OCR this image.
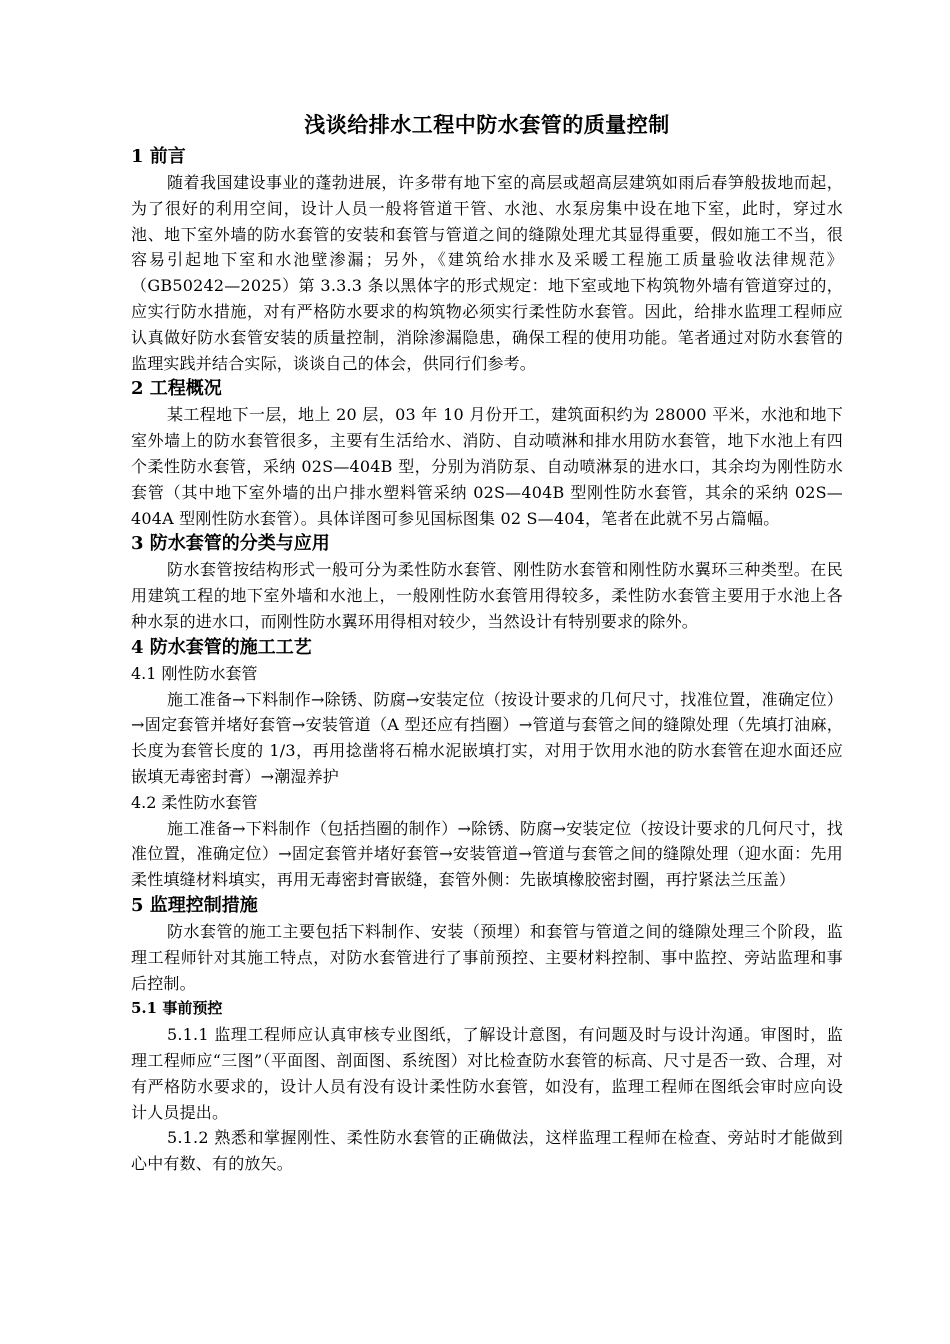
浅谈给排水工程中防水套管的质量控制
1 前言

随着我国建设事业的蓬勃进展，许多带有地下室的高层或超高层建筑如雨后春笋般拔地而起，为了很好的利用空间，设计人员一般将管道干管、水池、水泵房集中设在地下室，此时，穿过水池、地下室外墙的防水套管的安装和套管与管道之间的缝隙处理尤其显得重要，假如施工不当，很容易引起地下室和水池壁渗漏；另外，《建筑给水排水及采暖工程施工质量验收法律规范》（GB50242—2025）第 3.3.3 条以黑体字的形式规定：地下室或地下构筑物外墙有管道穿过的，应实行防水措施，对有严格防水要求的构筑物必须实行柔性防水套管。因此，给排水监理工程师应认真做好防水套管安装的质量控制，消除渗漏隐患，确保工程的使用功能。笔者通过对防水套管的监理实践并结合实际，谈谈自己的体会，供同行们参考。

2 工程概况

某工程地下一层，地上 20 层，03 年 10 月份开工，建筑面积约为 28000 平米，水池和地下室外墙上的防水套管很多，主要有生活给水、消防、自动喷淋和排水用防水套管，地下水池上有四个柔性防水套管，采纳 02S—404B 型，分别为消防泵、自动喷淋泵的进水口，其余均为刚性防水套管（其中地下室外墙的出户排水塑料管采纳 02S—404B 型刚性防水套管，其余的采纳 02S—404A 型刚性防水套管）。具体详图可参见国标图集 02 S—404，笔者在此就不另占篇幅。

3 防水套管的分类与应用

防水套管按结构形式一般可分为柔性防水套管、刚性防水套管和刚性防水翼环三种类型。在民用建筑工程的地下室外墙和水池上，一般刚性防水套管用得较多，柔性防水套管主要用于水池上各种水泵的进水口，而刚性防水翼环用得相对较少，当然设计有特别要求的除外。

4 防水套管的施工工艺
4.1 刚性防水套管

施工准备→下料制作→除锈、防腐→安装定位（按设计要求的几何尺寸，找准位置，准确定位）→固定套管并堵好套管→安装管道（A 型还应有挡圈）→管道与套管之间的缝隙处理（先填打油麻，长度为套管长度的 1/3，再用捻凿将石棉水泥嵌填打实，对用于饮用水池的防水套管在迎水面还应嵌填无毒密封膏）→潮湿养护

4.2 柔性防水套管

施工准备→下料制作（包括挡圈的制作）→除锈、防腐→安装定位（按设计要求的几何尺寸，找准位置，准确定位）→固定套管并堵好套管→安装管道→管道与套管之间的缝隙处理（迎水面：先用柔性填缝材料填实，再用无毒密封膏嵌缝，套管外侧：先嵌填橡胶密封圈，再拧紧法兰压盖）

5 监理控制措施

防水套管的施工主要包括下料制作、安装（预埋）和套管与管道之间的缝隙处理三个阶段，监理工程师针对其施工特点，对防水套管进行了事前预控、主要材料控制、事中监控、旁站监理和事后控制。

5.1 事前预控

5.1.1 监理工程师应认真审核专业图纸，了解设计意图，有问题及时与设计沟通。审图时，监理工程师应“三图”（平面图、剖面图、系统图）对比检查防水套管的标高、尺寸是否一致、合理，对有严格防水要求的，设计人员有没有设计柔性防水套管，如没有，监理工程师在图纸会审时应向设计人员提出。

5.1.2 熟悉和掌握刚性、柔性防水套管的正确做法，这样监理工程师在检查、旁站时才能做到心中有数、有的放矢。
